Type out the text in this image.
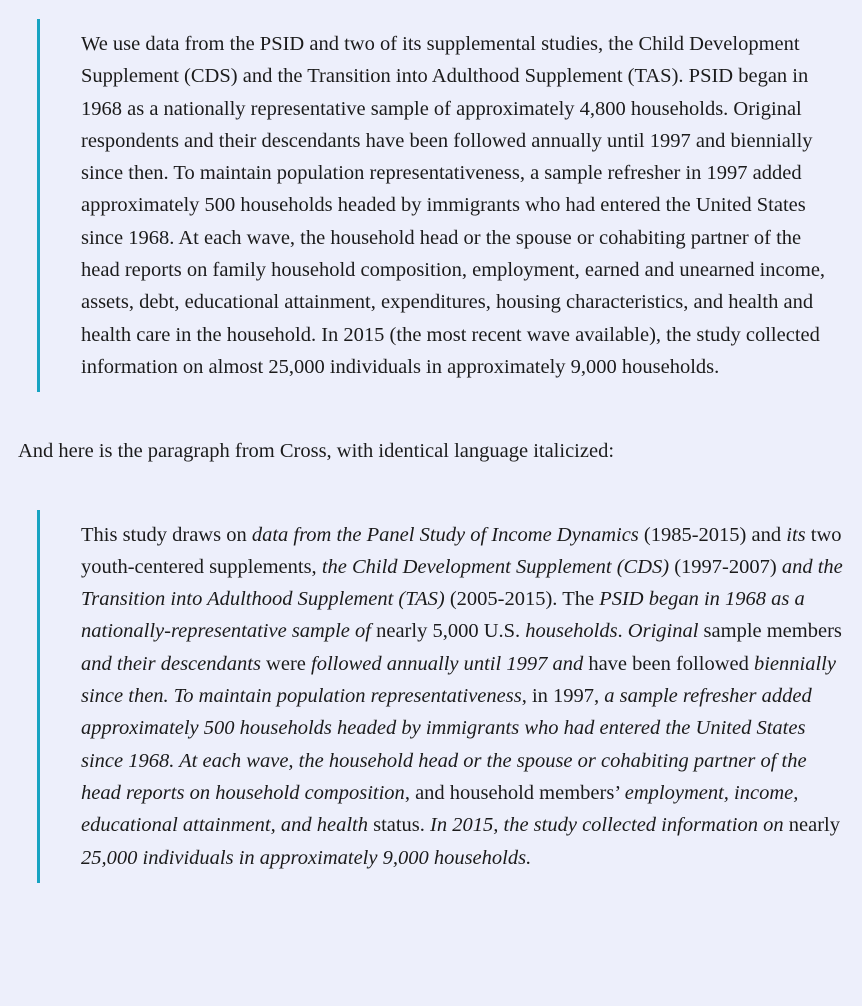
We use data from the PSID and two of its supplemental studies, the Child Development Supplement (CDS) and the Transition into Adulthood Supplement (TAS). PSID began in 1968 as a nationally representative sample of approximately 4,800 households. Original respondents and their descendants have been followed annually until 1997 and biennially since then. To maintain population representativeness, a sample refresher in 1997 added approximately 500 households headed by immigrants who had entered the United States since 1968. At each wave, the household head or the spouse or cohabiting partner of the head reports on family household composition, employment, earned and unearned income, assets, debt, educational attainment, expenditures, housing characteristics, and health and health care in the household. In 2015 (the most recent wave available), the study collected information on almost 25,000 individuals in approximately 9,000 households.

And here is the paragraph from Cross, with identical language italicized:

This study draws on data from the Panel Study of Income Dynamics (1985-2015) and its two youth-centered supplements, the Child Development Supplement (CDS) (1997-2007) and the Transition into Adulthood Supplement (TAS) (2005-2015). The PSID began in 1968 as a nationally-representative sample of nearly 5,000 U.S. households. Original sample members and their descendants were followed annually until 1997 and have been followed biennially since then. To maintain population representativeness, in 1997, a sample refresher added approximately 500 households headed by immigrants who had entered the United States since 1968. At each wave, the household head or the spouse or cohabiting partner of the head reports on household composition, and household members’ employment, income, educational attainment, and health status. In 2015, the study collected information on nearly 25,000 individuals in approximately 9,000 households.
